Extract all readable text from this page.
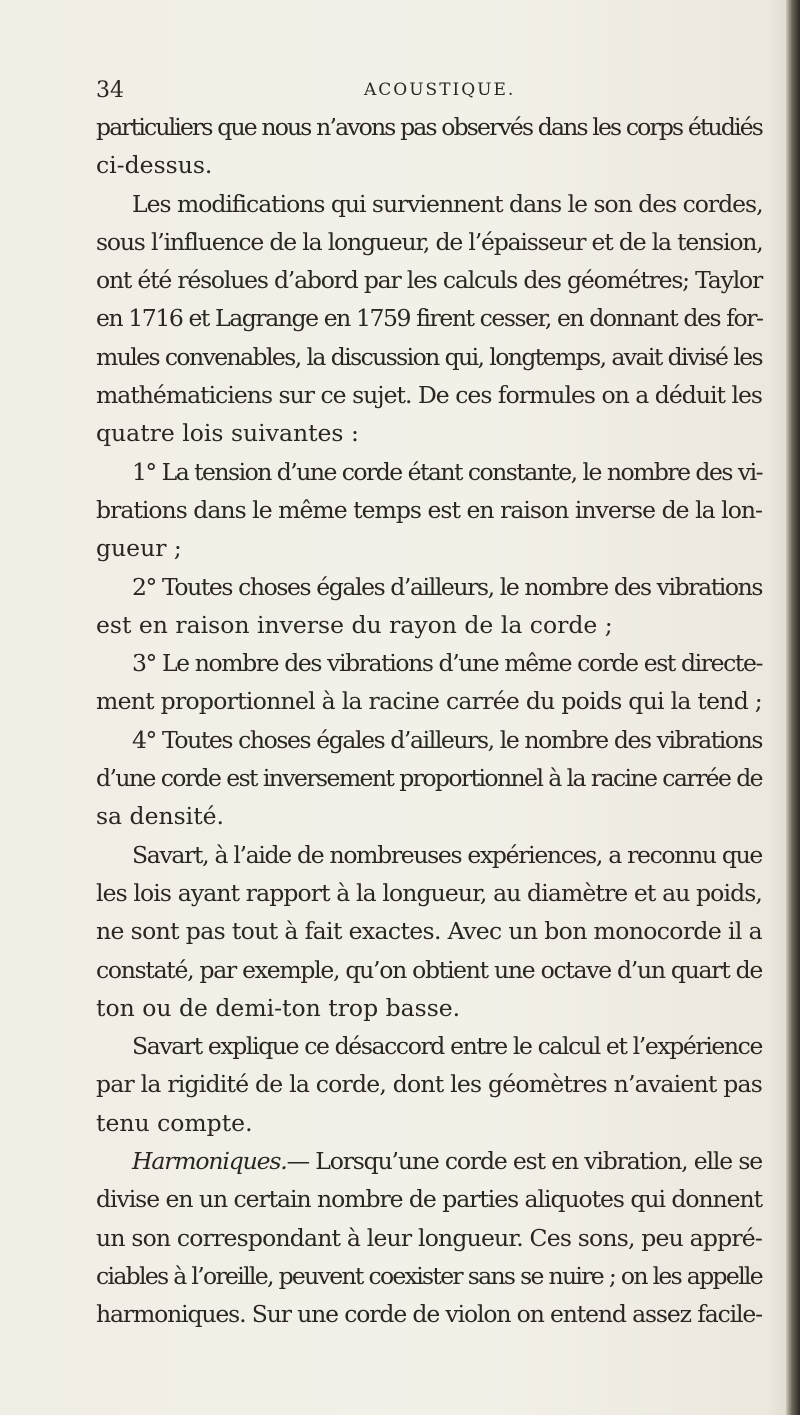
34	ACOUSTIQUE.
particuliers que nous n’avons pas observés dans les corps étudiés
ci-dessus.
Les modifications qui surviennent dans le son des cordes,
sous l’influence de la longueur, de l’épaisseur et de la tension,
ont été résolues d’abord par les calculs des géométres; Taylor
en 1716 et Lagrange en 1759 firent cesser, en donnant des for-
mules convenables, la discussion qui, longtemps, avait divisé les
mathématiciens sur ce sujet. De ces formules on a déduit les
quatre lois suivantes :
1° La tension d’une corde étant constante, le nombre des vi-
brations dans le même temps est en raison inverse de la lon-
gueur ;
2° Toutes choses égales d’ailleurs, le nombre des vibrations
est en raison inverse du rayon de la corde ;
3° Le nombre des vibrations d’une même corde est directe-
ment proportionnel à la racine carrée du poids qui la tend ;
4° Toutes choses égales d’ailleurs, le nombre des vibrations
d’une corde est inversement proportionnel à la racine carrée de
sa densité.
Savart, à l’aide de nombreuses expériences, a reconnu que
les lois ayant rapport à la longueur, au diamètre et au poids,
ne sont pas tout à fait exactes. Avec un bon monocorde il a
constaté, par exemple, qu’on obtient une octave d’un quart de
ton ou de demi-ton trop basse.
Savart explique ce désaccord entre le calcul et l’expérience
par la rigidité de la corde, dont les géomètres n’avaient pas
tenu compte.
Harmoniques.— Lorsqu’une corde est en vibration, elle se
divise en un certain nombre de parties aliquotes qui donnent
un son correspondant à leur longueur. Ces sons, peu appré-
ciables à l’oreille, peuvent coexister sans se nuire ; on les appelle
harmoniques. Sur une corde de violon on entend assez facile-
